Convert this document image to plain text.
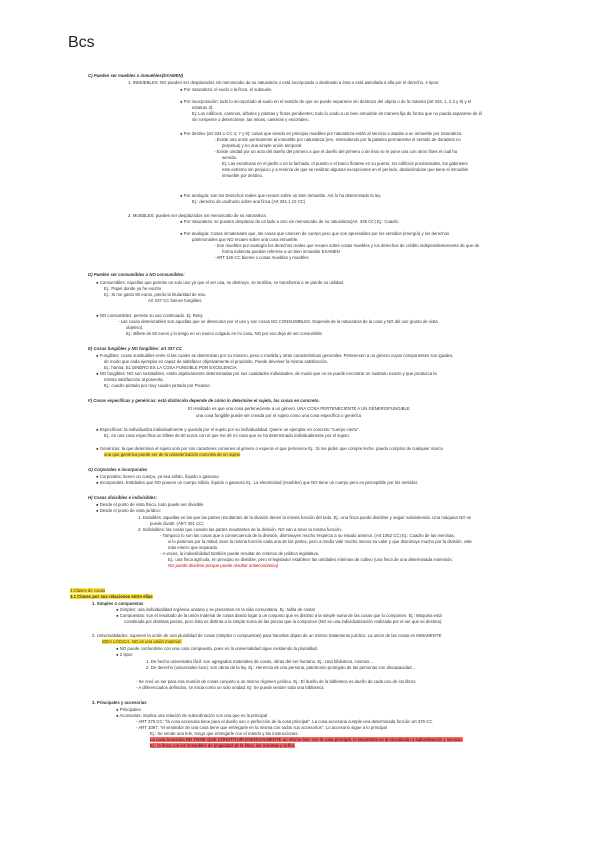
Bcs
C) Pueden ser muebles o inmuebles(EXAMEN)
1. INMUEBLES: NO pueden ser desplazados sin menoscabo de su naturaleza o está incorporado o destinado a ésta o está asimilada a ella por el derecho. 4 tipos:
● Por naturaleza: el suelo o la finca, el subsuelo
● Por incorporación: todo lo incorporado al suelo en el sentido de que no puede separarse sin destrozo del objeto o de la materia (art 334. 1, 2,3 y 8) y el
estatuto 3).
Ej: Los edificios, caminos, árboles y plantas y frutos pendientes; todo lo unido a un bien inmueble de manera fija de forma que no pueda separarse de él
sin romperse o deteriorarse, las minas, canteras y escoriales.
● Por destino (art 334.1 CC 4, 7 y 9): cosas que siendo en principio muebles por naturaleza están al servicio o atadas a un inmueble por naturaleza.
- Existe una unión permanente al inmueble por naturaleza (ere, entendiendo por la palabra permanente el sentido de duradera no
perpetua) y no una simple unión temporal
- Existe unidad por un acto del dueño del primero a que el dueño del primero o de ésto se le pone una con otros fines el cual ha
servido.
Ej: Las esculturas en el jardín o en la fachada, el puesto o el barco flotante en su puerto, los edificios provisionales, los gabinetes
este extremo sin perjuicio y a reserva de que se realizan algunas excepciones en el período, deduciéndose que tiene el inmueble
inmueble por destino.
● Por analogía: son los Derechos reales que recaen sobre un bien inmueble. Así lo ha determinado la ley.
Ej.: derecho de usufructo sobre una finca (Art 334.1 10 CC)
2. MUEBLES: pueden ser desplazados sin menoscabo de su naturaleza.
● Por naturaleza: se pueden desplazar de un lado a otro sin menoscabo de su naturaleza(Art. 335 CC) Ej.: Cuadro
● Por analogía: Cosas inmateriales que, las cosas que carecen de cuerpo pero que son apreciables por los sentidos (energía) y los derechos
patrimoniales que NO recaen sobre una cosa inmueble.
- Son muebles por analogía los derechos reales que recaen sobre cosas muebles y los derechos de crédito independientemente de que de
forma indirecta puedan referirse a un bien inmueble EXAMEN
- ART 346 CC bienes o cosas muebles y muebles
D) Pueden ser consumibles o NO consumibles:
● Consumibles: Aquellas que permite un solo uso ya que el ser usa, se destruye, se inutiliza, se transforma o se pierde su utilidad.
Ej.: Papel donde ya he escrito
Ej.: Si me gasto 50 euros, pierdo la titularidad de esa.
Art 337 CC bienes fungibles
● NO consumibles: permite su uso continuado. Ej: Reloj
- Las cosas deteriorables son aquellas que se deterioran por el uso y son cosas NO CONSUMIBLES. Depende de la naturaleza de la cosa y NO del uso (punto de vista
objetivo).
Ej.: Billete de 50 euros y lo tengo en un marco colgado en mi casa, NO por eso deja de ser consumible.
E) Cosas fungibles y NO fungibles: art 337 CC
● Fungibles: cosas sustituibles entre sí las cuales se determinan por su número, peso o medida y otras características generales. Pertenecen a un género cuyos componentes son iguales,
de modo que cada ejemplar es capaz de satisfacer objetivamente el propósito. Puede devolver la misma satisfacción.
Ej.: harina, EL DINERO ES LA COSA FUNGIBLE POR EXCELENCIA
● NO fungibles: NO son sustituibles, están objetivamente determinadas por sus cualidades individuales, de modo que no se puede encontrar un sustituto exacto y que produzca la
misma satisfacción al poseerla.
Ej.: cuadro pintado por muy cuadro pintado por Picasso
F) Cosas específicas y genéricas: está distinción depende de cómo lo determine el sujeto, las cosas en concreto.
El resultado es que una cosa perteneciente a un género. UNA COSA PERTENECIENTE A UN GÉNERO/FUNGIBLE
una cosa fungible puede ser creada por el sujeto como una cosa específica o genérica
● Específicas: la individualiza individualmente y querida por el sujeto por su individualidad. Quiere un ejemplar en concreto "cuerpo cierto".
Ej.: en una cosa específica un billete de 50 euros con el que me dé mi cosa que se ha determinado individualmente por el sujeto.
● Genéricas: la que determina el sujeto solo por sus caracteres comunes al género o especie el que pertenece Ej.: Si me piden que compre leche, puedo comprar de cualquier marca
una que genérica puede ser de la caracterización concreta de un sujeto
G) Corporales e incorporales
● Corporales: tienen un cuerpo, ya sea sólido, líquido o gaseoso
● Incorporales: Entidades que NO poseen un cuerpo sólido, líquido o gaseoso Ej.: La electricidad (muebles) que NO tiene un cuerpo pero es perceptible por los sentidos
H) Cosas divisibles e indivisibles:
● Desde el punto de vista físico, todo puede ser divisible
● Desde el punto de vista jurídico:
1. Divisibles: aquellas en las que las partes resultantes de la división tienen la misma función del todo. Ej.: una finca puede dividirse y seguir subsistiendo. Una máquina NO se
puede dividir. (ART 401 CC)
2. Indivisibles: las cosas que cuando las partes resultantes de la división, NO van a tener la misma función.
- Tampoco lo son las cosas que a consecuencia de la división, disminuyen mucho respecto a su estado anterior. (Art 1062 CC) Ej.: Cuadro de las meninas,
si lo partimos por la mitad, tiene la misma función cada una de las partes, pero a medio vale mucho menos su valor y que disminuye mucho por la división, vale
más entero que separado.
- A veces, la indivisibilidad también puede resultar de criterios de política legislativa.
Ej.: una finca agrícola, en principio es divisible, pero el legislador establece las unidades mínimas de cultivo (una finca de una determinada extensión.
NO puede dividirse porque puede resultar antieconómica)
3.Clases de cosas
3.1 Clases por sus relaciones entre ellas
1. Simples o compuestas
● Simples: una individualidad orgánica unitaria y se presentan en la vida comunitaria. Ej.: tabla de cristal
● Compuestas: son el resultado de la unión material de cosas dando lugar a un conjunto que es distinto a la simple suma de las cosas que lo componen. Ej.: Máquina está
constituida por distintas piezas, pero ésta es distinta a la simple suma de las piezas que la componen (NO es una individualización realizada por el ser que se destina).
2. Universalidades: suponen la unión de una pluralidad de cosas (simples o compuestas) para hacerlas objeto de un mismo tratamiento jurídico. La unión de las cosas es INMANENTE
IDEA LÓGICA. NO es una unión material.
● NO puede confundirse con una cosa compuesta, pues en la universalidad sigue existiendo la pluralidad.
● 2 tipos
1. De hecho universales fácil: son agregados materiales de cosas, obras del ser humano. Ej.: Una biblioteca, cosmos...
2. De derecho (universales luce): son obras de la ley. Ej.: Herencia de una persona, patrimonio protegido de las personas con discapacidad...
- Se creó un ser para esa reunión de cosas conjunto a un mismo régimen jurídico. Ej.: El dueño de la biblioteca es dueño de cada uno de los libros
- A diferenciados definidos, se inicia como un solo unidad. Ej: Se puede vender toda una biblioteca
3. Principales y accesorias
● Principales
● Accesorias: implica una relación de subordinación con una que es la principal
- ART 376 CC: "la cosa accesoria tiene para el dueño uso o perfección de la cosa principal". La cosa accesoria cumple una determinada función art 376 CC
- ART 1097: "el vendedor de una cosa tiene que entregarle en la misma con todos sus accesorios". Lo accesorio sigue a lo principal
Ej.: Se vende una tele, tengo que entregarle con el mando y las instrucciones.
La cosa accesoria NO TIENE QUE CONSTITUIR ESENCIALMENTE un mismo bien con la cosa principal, lo importante es la vinculación o subordinación y servicio.
Ej.: la finca con los inmuebles de propiedad de la finca, las macetas y la flor.
